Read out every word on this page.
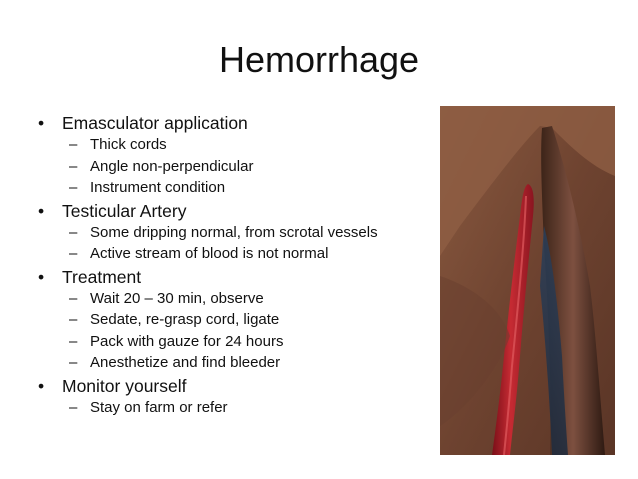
Hemorrhage
•	Emasculator application
– Thick cords
– Angle non-perpendicular
– Instrument condition
•	Testicular Artery
– Some dripping normal, from scrotal vessels
– Active stream of blood is not normal
•	Treatment
– Wait 20 – 30 min, observe
– Sedate, re-grasp cord, ligate
– Pack with gauze for 24 hours
– Anesthetize and find bleeder
•	Monitor yourself
– Stay on farm or refer
